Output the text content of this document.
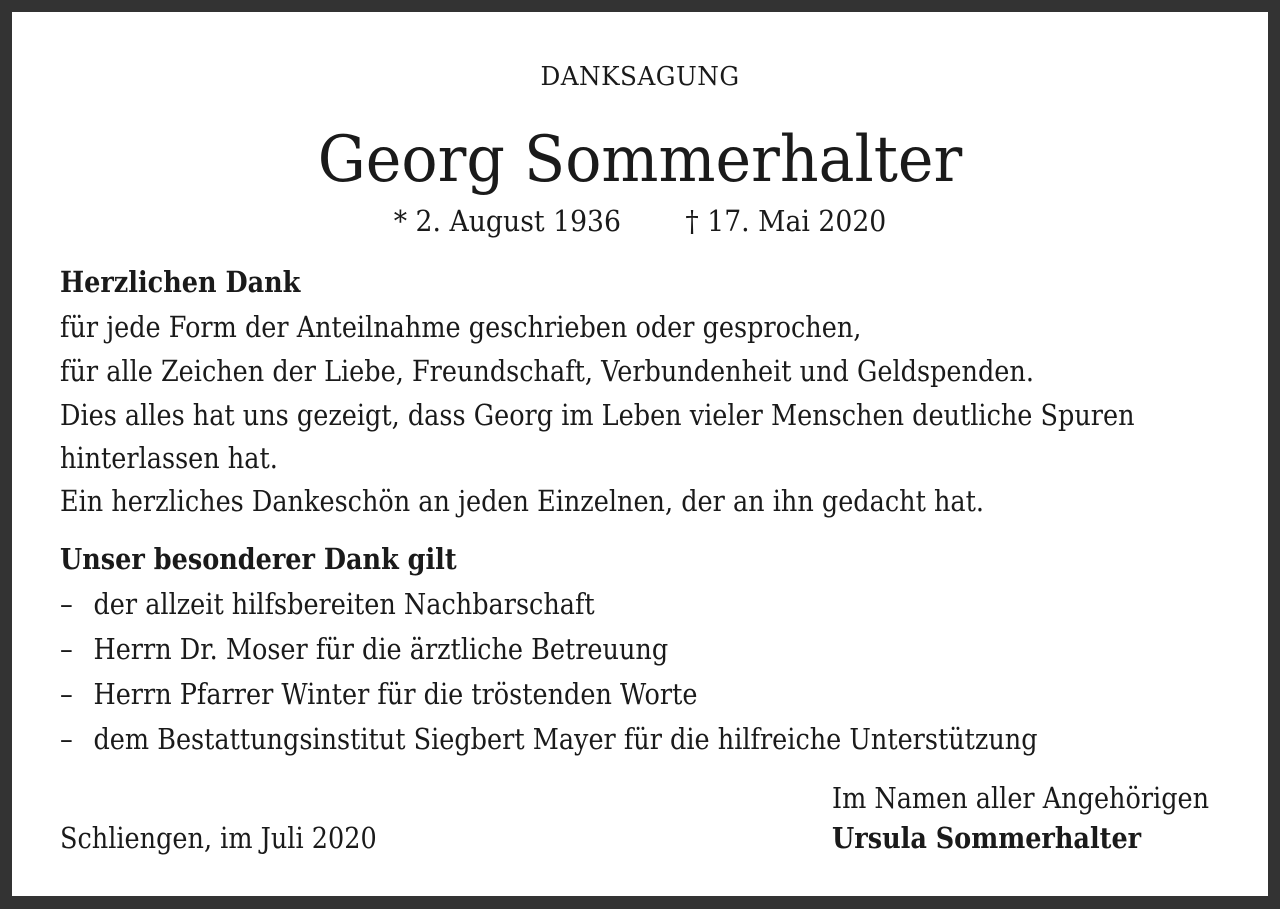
DANKSAGUNG
Georg Sommerhalter
* 2. August 1936 † 17. Mai 2020
Herzlichen Dank
für jede Form der Anteilnahme geschrieben oder gesprochen,
für alle Zeichen der Liebe, Freundschaft, Verbundenheit und Geldspenden.
Dies alles hat uns gezeigt, dass Georg im Leben vieler Menschen deutliche Spuren
hinterlassen hat.
Ein herzliches Dankeschön an jeden Einzelnen, der an ihn gedacht hat.
Unser besonderer Dank gilt
– der allzeit hilfsbereiten Nachbarschaft
– Herrn Dr. Moser für die ärztliche Betreuung
– Herrn Pfarrer Winter für die tröstenden Worte
– dem Bestattungsinstitut Siegbert Mayer für die hilfreiche Unterstützung
Im Namen aller Angehörigen
Ursula Sommerhalter
Schliengen, im Juli 2020
